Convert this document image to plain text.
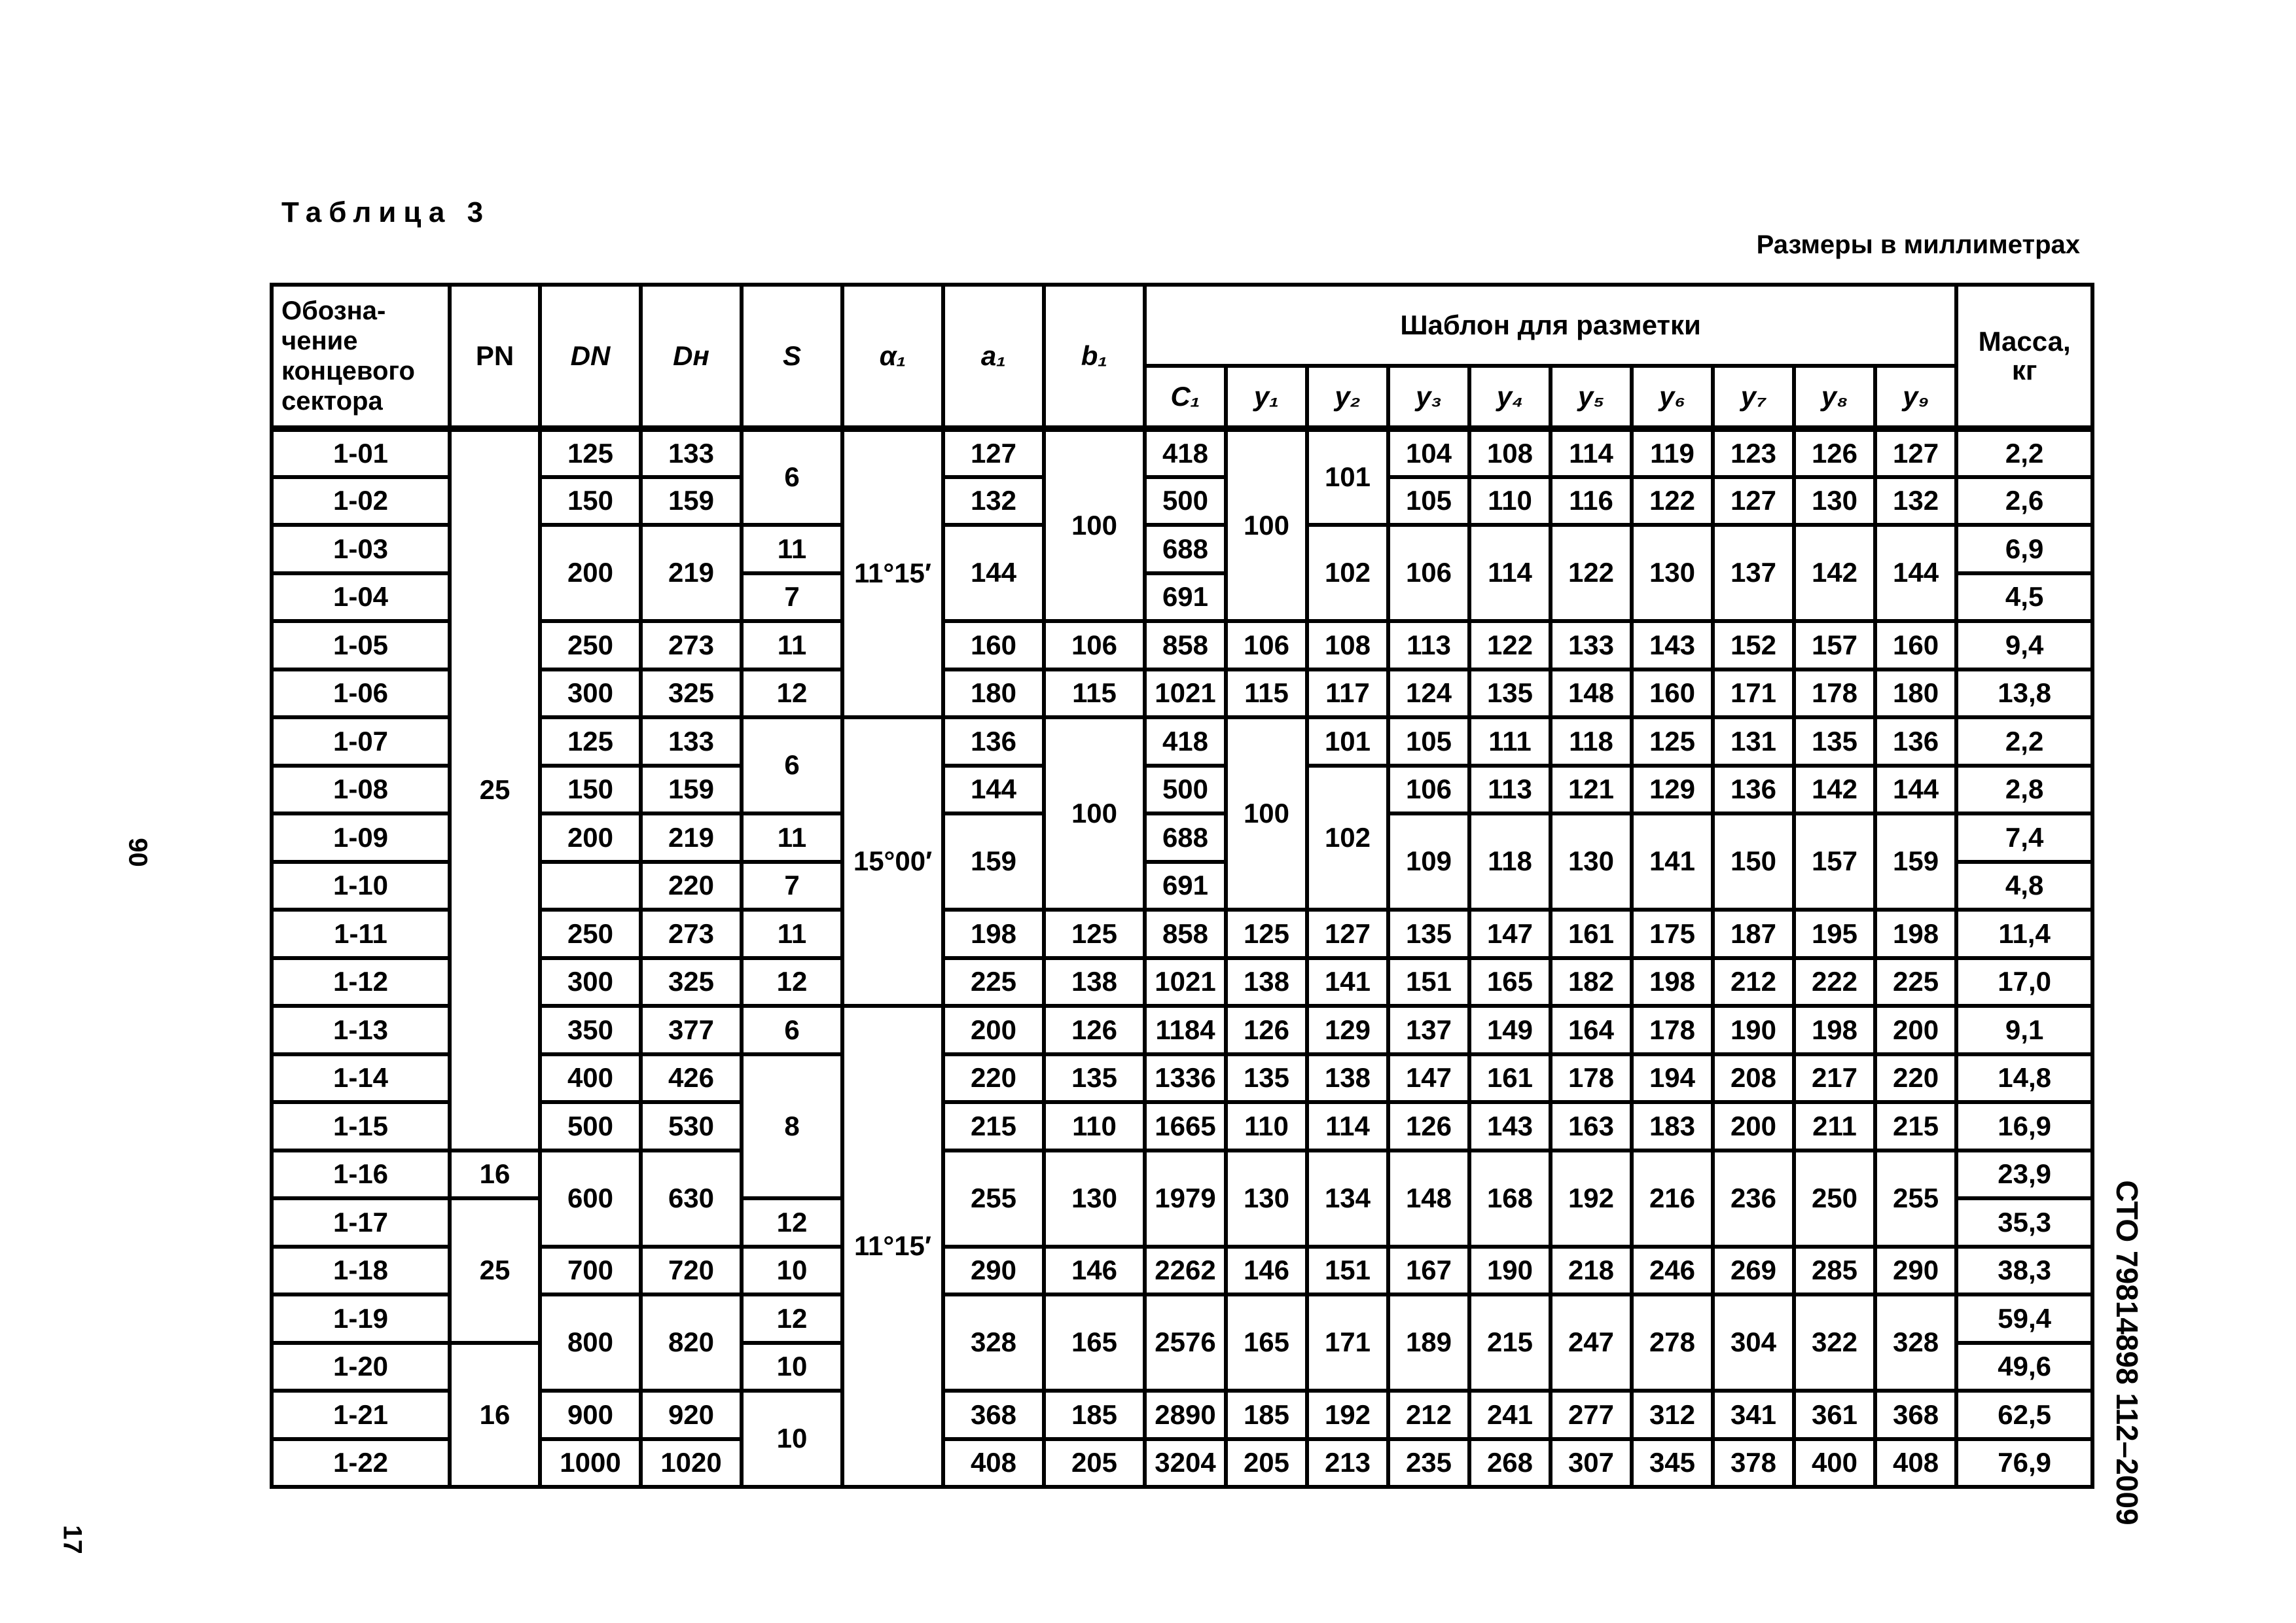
Таблица 3
Размеры в миллиметрах
90
17
СТО 79814898 112–2009
Обозна-
чение
концевого
сектора	PN	DN	Dн	S	α₁	a₁	b₁	Шаблон для разметки										Масса,
кг

								C₁	y₁	y₂	y₃	y₄	y₅	y₆	y₇	y₈	y₉	
1-01	25	125	133	6	11°15′	127	100	418	100	101	104	108	114	119	123	126	127	2,2
1-02		150	159			132		500			105	110	116	122	127	130	132	2,6
1-03		200	219	11		144		688		102	106	114	122	130	137	142	144	6,9
1-04				7				691										4,5
1-05		250	273	11		160	106	858	106	108	113	122	133	143	152	157	160	9,4
1-06		300	325	12		180	115	1021	115	117	124	135	148	160	171	178	180	13,8
1-07		125	133	6	15°00′	136	100	418	100	101	105	111	118	125	131	135	136	2,2
1-08		150	159			144		500		102	106	113	121	129	136	142	144	2,8
1-09		200	219	11		159		688			109	118	130	141	150	157	159	7,4
1-10			220	7				691										4,8
1-11		250	273	11		198	125	858	125	127	135	147	161	175	187	195	198	11,4
1-12		300	325	12		225	138	1021	138	141	151	165	182	198	212	222	225	17,0
1-13		350	377	6	11°15′	200	126	1184	126	129	137	149	164	178	190	198	200	9,1
1-14		400	426	8		220	135	1336	135	138	147	161	178	194	208	217	220	14,8
1-15		500	530			215	110	1665	110	114	126	143	163	183	200	211	215	16,9
1-16	16	600	630			255	130	1979	130	134	148	168	192	216	236	250	255	23,9
1-17	25			12														35,3
1-18		700	720	10		290	146	2262	146	151	167	190	218	246	269	285	290	38,3
1-19		800	820	12		328	165	2576	165	171	189	215	247	278	304	322	328	59,4
1-20	16			10														49,6
1-21		900	920	10		368	185	2890	185	192	212	241	277	312	341	361	368	62,5
1-22		1000	1020			408	205	3204	205	213	235	268	307	345	378	400	408	76,9
